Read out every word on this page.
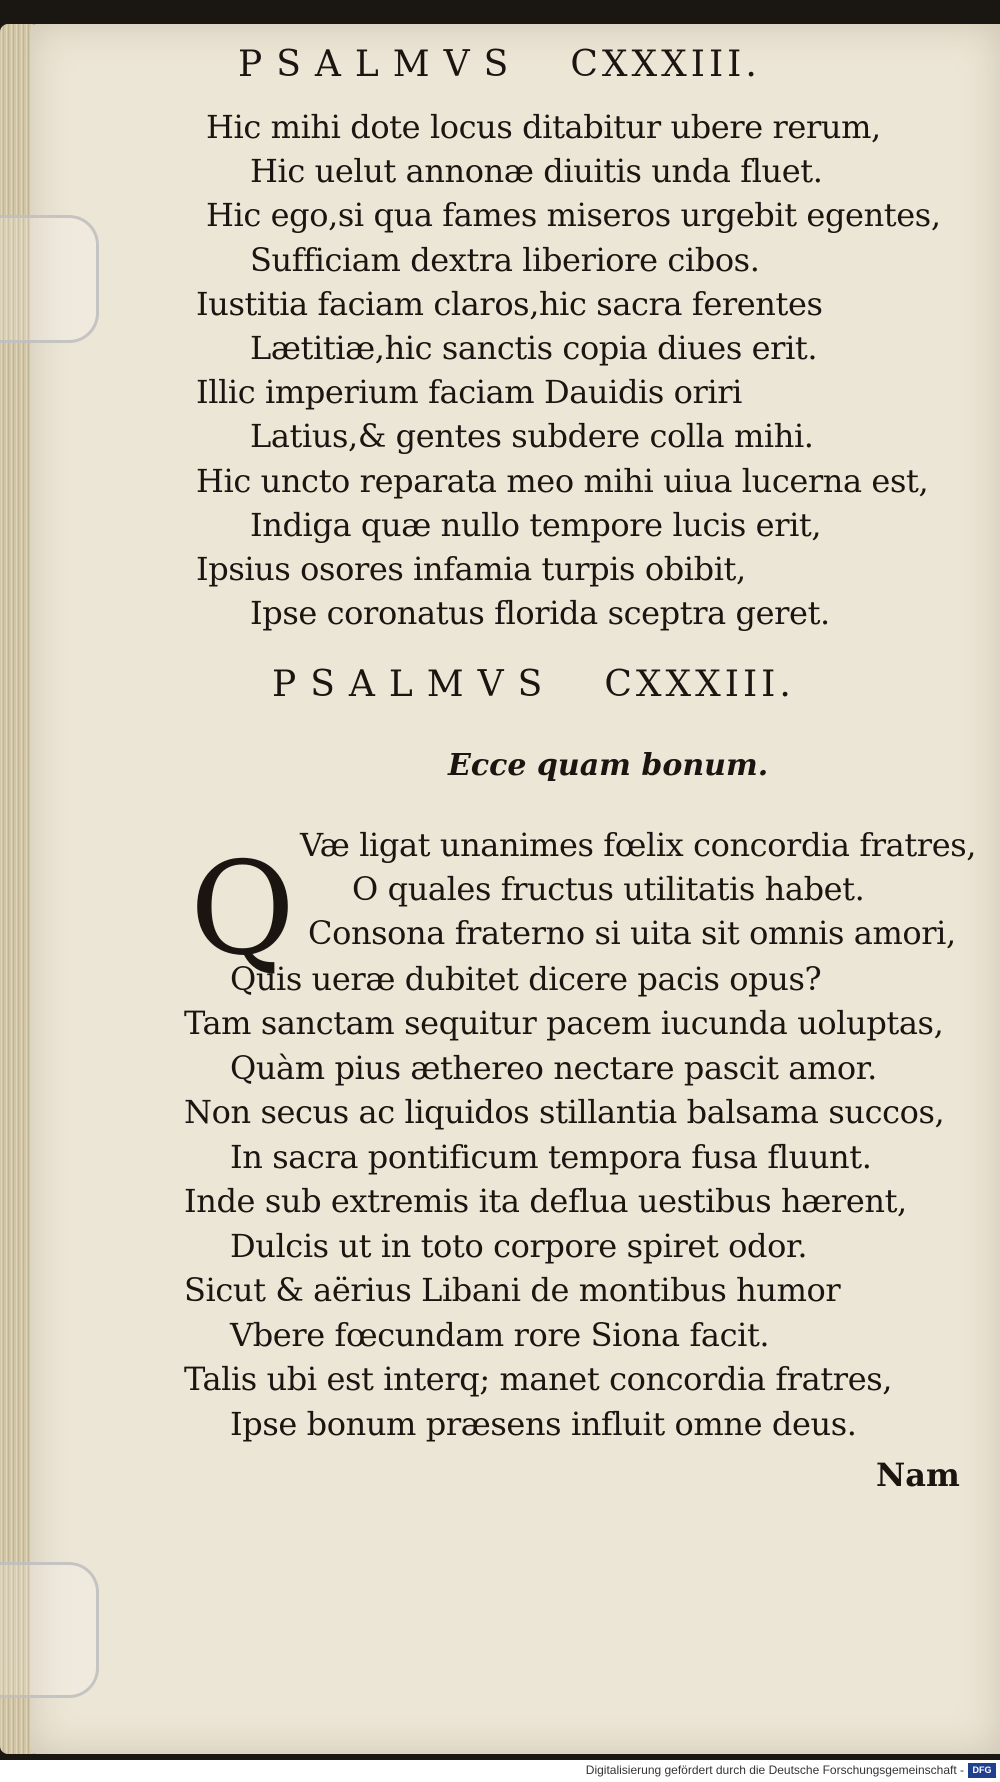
PSALMVS CXXXIII.
Hic mihi dote locus ditabitur ubere rerum,
Hic uelut annonæ diuitis unda fluet.
Hic ego,si qua fames miseros urgebit egentes,
Sufficiam dextra liberiore cibos.
Iustitia faciam claros,hic sacra ferentes
Lætitiæ,hic sanctis copia diues erit.
Illic imperium faciam Dauidis oriri
Latius,& gentes subdere colla mihi.
Hic uncto reparata meo mihi uiua lucerna est,
Indiga quæ nullo tempore lucis erit,
Ipsius osores infamia turpis obibit,
Ipse coronatus florida sceptra geret.
PSALMVS CXXXIII.
Ecce quam bonum.
Q Væ ligat unanimes fœlix concordia fratres,
O quales fructus utilitatis habet.
Consona fraterno si uita sit omnis amori,
Quis ueræ dubitet dicere pacis opus?
Tam sanctam sequitur pacem iucunda uoluptas,
Quàm pius æthereo nectare pascit amor.
Non secus ac liquidos stillantia balsama succos,
In sacra pontificum tempora fusa fluunt.
Inde sub extremis ita deflua uestibus hærent,
Dulcis ut in toto corpore spiret odor.
Sicut & aërius Libani de montibus humor
Vbere fœcundam rore Siona facit.
Talis ubi est interq; manet concordia fratres,
Ipse bonum præsens influit omne deus.
Nam
Digitalisierung gefördert durch die Deutsche Forschungsgemeinschaft - DFG
